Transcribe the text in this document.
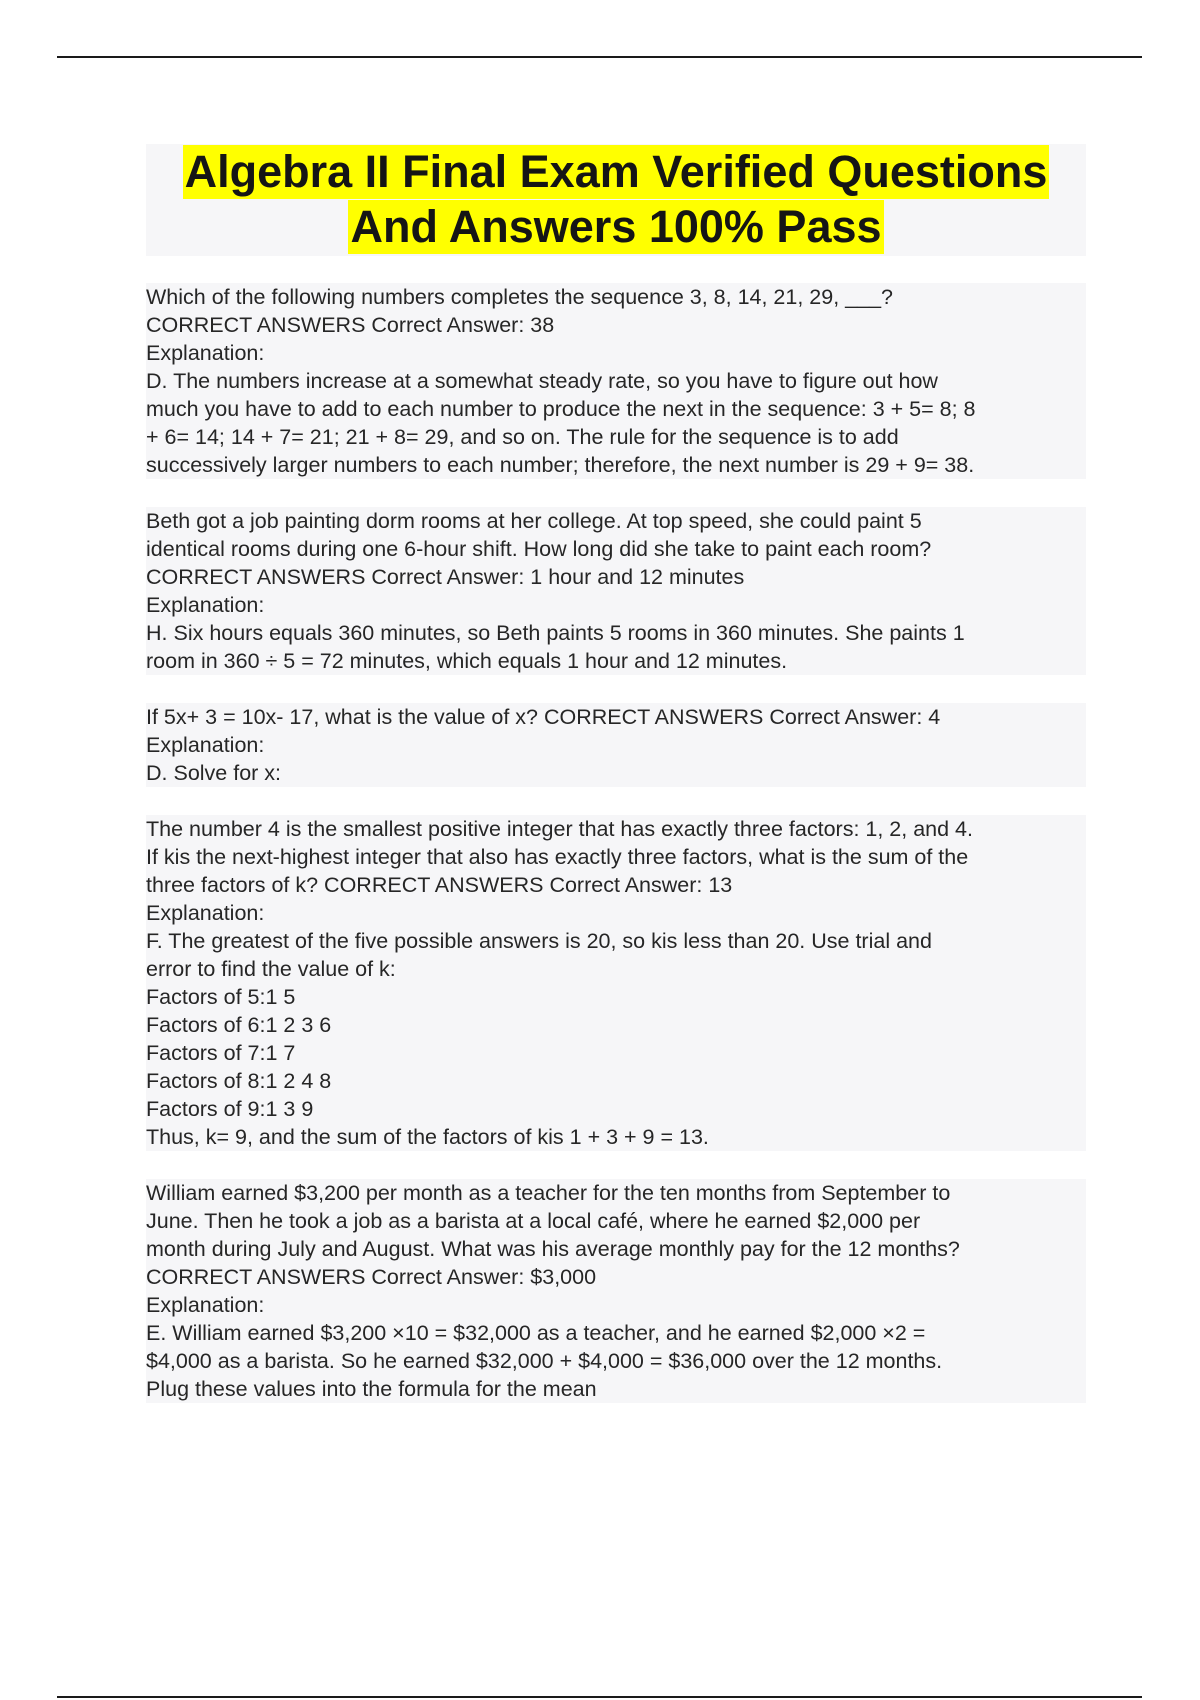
Algebra II Final Exam Verified Questions
And Answers 100% Pass
Which of the following numbers completes the sequence 3, 8, 14, 21, 29, ___?
CORRECT ANSWERS Correct Answer: 38
Explanation:
D. The numbers increase at a somewhat steady rate, so you have to figure out how
much you have to add to each number to produce the next in the sequence: 3 + 5= 8; 8
+ 6= 14; 14 + 7= 21; 21 + 8= 29, and so on. The rule for the sequence is to add
successively larger numbers to each number; therefore, the next number is 29 + 9= 38.
Beth got a job painting dorm rooms at her college. At top speed, she could paint 5
identical rooms during one 6-hour shift. How long did she take to paint each room?
CORRECT ANSWERS Correct Answer: 1 hour and 12 minutes
Explanation:
H. Six hours equals 360 minutes, so Beth paints 5 rooms in 360 minutes. She paints 1
room in 360 ÷ 5 = 72 minutes, which equals 1 hour and 12 minutes.
If 5x+ 3 = 10x- 17, what is the value of x? CORRECT ANSWERS Correct Answer: 4
Explanation:
D. Solve for x:
The number 4 is the smallest positive integer that has exactly three factors: 1, 2, and 4.
If kis the next-highest integer that also has exactly three factors, what is the sum of the
three factors of k? CORRECT ANSWERS Correct Answer: 13
Explanation:
F. The greatest of the five possible answers is 20, so kis less than 20. Use trial and
error to find the value of k:
Factors of 5:1 5
Factors of 6:1 2 3 6
Factors of 7:1 7
Factors of 8:1 2 4 8
Factors of 9:1 3 9
Thus, k= 9, and the sum of the factors of kis 1 + 3 + 9 = 13.
William earned $3,200 per month as a teacher for the ten months from September to
June. Then he took a job as a barista at a local café, where he earned $2,000 per
month during July and August. What was his average monthly pay for the 12 months?
CORRECT ANSWERS Correct Answer: $3,000
Explanation:
E. William earned $3,200 ×10 = $32,000 as a teacher, and he earned $2,000 ×2 =
$4,000 as a barista. So he earned $32,000 + $4,000 = $36,000 over the 12 months.
Plug these values into the formula for the mean
